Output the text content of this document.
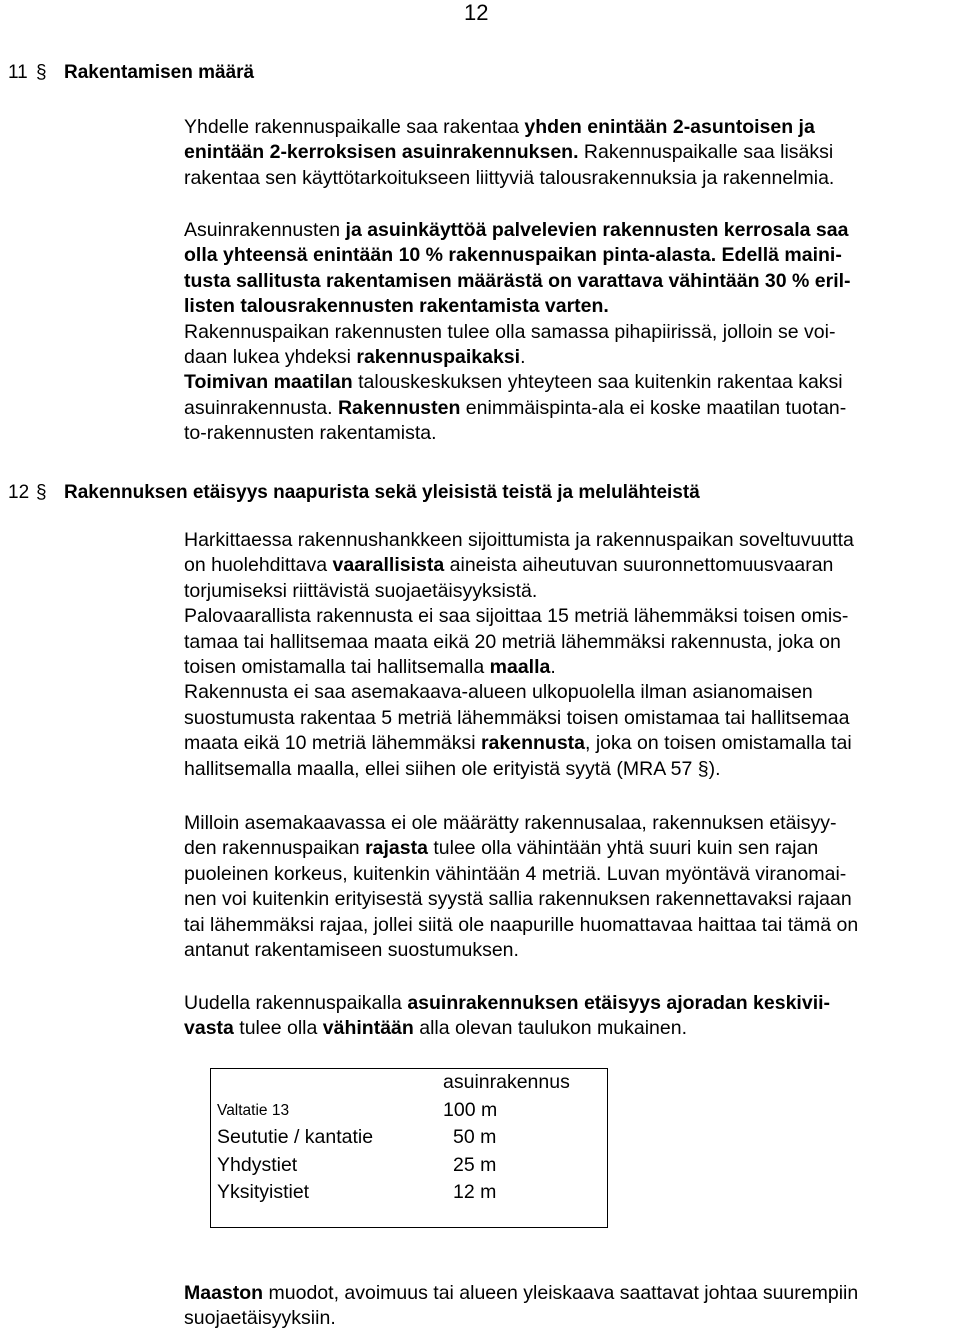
12
11 § Rakentamisen määrä
Yhdelle rakennuspaikalle saa rakentaa yhden enintään 2-asuntoisen ja
enintään 2-kerroksisen asuinrakennuksen. Rakennuspaikalle saa lisäksi
rakentaa sen käyttötarkoitukseen liittyviä talousrakennuksia ja rakennelmia.
Asuinrakennusten ja asuinkäyttöä palvelevien rakennusten kerrosala saa
olla yhteensä enintään 10 % rakennuspaikan pinta-alasta. Edellä maini-
tusta sallitusta rakentamisen määrästä on varattava vähintään 30 % eril-
listen talousrakennusten rakentamista varten.
Rakennuspaikan rakennusten tulee olla samassa pihapiirissä, jolloin se voi-
daan lukea yhdeksi rakennuspaikaksi.
Toimivan maatilan talouskeskuksen yhteyteen saa kuitenkin rakentaa kaksi
asuinrakennusta. Rakennusten enimmäispinta-ala ei koske maatilan tuotan-
to-rakennusten rakentamista.
12 § Rakennuksen etäisyys naapurista sekä yleisistä teistä ja melulähteistä
Harkittaessa rakennushankkeen sijoittumista ja rakennuspaikan soveltuvuutta
on huolehdittava vaarallisista aineista aiheutuvan suuronnettomuusvaaran
torjumiseksi riittävistä suojaetäisyyksistä.
Palovaarallista rakennusta ei saa sijoittaa 15 metriä lähemmäksi toisen omis-
tamaa tai hallitsemaa maata eikä 20 metriä lähemmäksi rakennusta, joka on
toisen omistamalla tai hallitsemalla maalla.
Rakennusta ei saa asemakaava-alueen ulkopuolella ilman asianomaisen
suostumusta rakentaa 5 metriä lähemmäksi toisen omistamaa tai hallitsemaa
maata eikä 10 metriä lähemmäksi rakennusta, joka on toisen omistamalla tai
hallitsemalla maalla, ellei siihen ole erityistä syytä (MRA 57 §).
Milloin asemakaavassa ei ole määrätty rakennusalaa, rakennuksen etäisyy-
den rakennuspaikan rajasta tulee olla vähintään yhtä suuri kuin sen rajan
puoleinen korkeus, kuitenkin vähintään 4 metriä. Luvan myöntävä viranomai-
nen voi kuitenkin erityisestä syystä sallia rakennuksen rakennettavaksi rajaan
tai lähemmäksi rajaa, jollei siitä ole naapurille huomattavaa haittaa tai tämä on
antanut rakentamiseen suostumuksen.
Uudella rakennuspaikalla asuinrakennuksen etäisyys ajoradan keskivii-
vasta tulee olla vähintään alla olevan taulukon mukainen.
	asuinrakennus
Valtatie 13	100 m
Seututie / kantatie	50 m
Yhdystiet	25 m
Yksityistiet	12 m

Maaston muodot, avoimuus tai alueen yleiskaava saattavat johtaa suurempiin
suojaetäisyyksiin.
